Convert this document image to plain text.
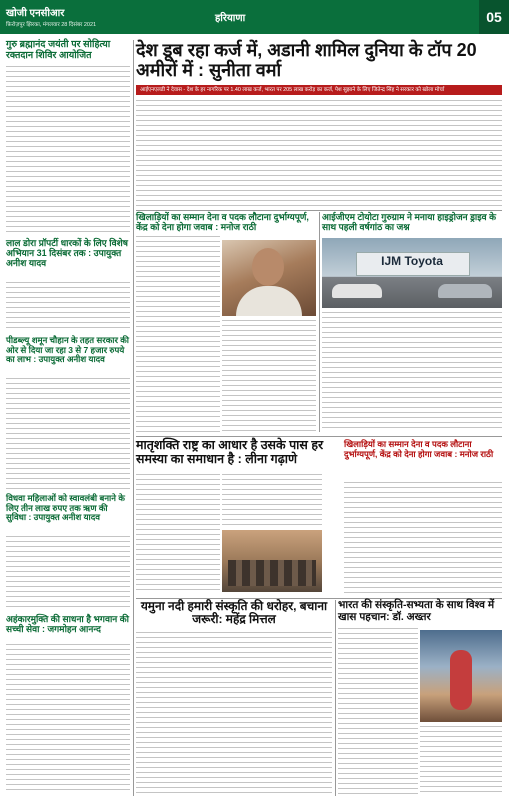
खोजी एनसीआर
फ़िरोज़पुर झिरका, मंगलवार 28 दिसंबर 2021
हरियाणा	05
गुरु ब्रह्मानंद जयंती पर सोहित्या रक्तदान शिविर आयोजित	देश डूब रहा कर्ज में, अडानी शामिल दुनिया के टॉप 20 अमीरों में : सुनीता वर्मा
आईएनएलडी ने देवास - देश के हर नागरिक पर 1.40 लाख कर्ज, भारत पर 205 लाख करोड़ का कर्ज, पेश सुझाने के लिए जितेन्द्र सिंह ने सरकार को खोला मोर्चा
लाल डोरा प्रॉपर्टी धारकों के लिए विशेष अभियान 31 दिसंबर तक : उपायुक्त अनीश यादव
पीडब्ल्यू शमून चौहान के तहत सरकार की ओर से दिया जा रहा 3 से 7 हजार रुपये का लाभ : उपायुक्त अनीश यादव
विधवा महिलाओं को स्वावलंबी बनाने के लिए तीन लाख रुपए तक ऋण की सुविधा : उपायुक्त अनीश यादव
अहंकारमुक्ति की साधना है भगवान की सच्ची सेवा : जगमोहन आनन्द
खिलाड़ियों का सम्मान देना व पदक लौटाना दुर्भाग्यपूर्ण, केंद्र को देना होगा जवाब : मनोज राठी
आईजीएम टोयोटा गुरुग्राम ने मनाया हाइड्रोजन ड्राइव के साथ पहली वर्षगांठ का जश्न
IJM Toyota
मातृशक्ति राष्ट्र का आधार है उसके पास हर समस्या का समाधान है : लीना गढ़ाणे
खिलाड़ियों का सम्मान देना व पदक लौटाना दुर्भाग्यपूर्ण, केंद्र को देना होगा जवाब : मनोज राठी
यमुना नदी हमारी संस्कृति की धरोहर, बचाना जरूरी: महेंद्र मित्तल
भारत की संस्कृति-सभ्यता के साथ विश्व में खास पहचान: डॉ. अख्तर
